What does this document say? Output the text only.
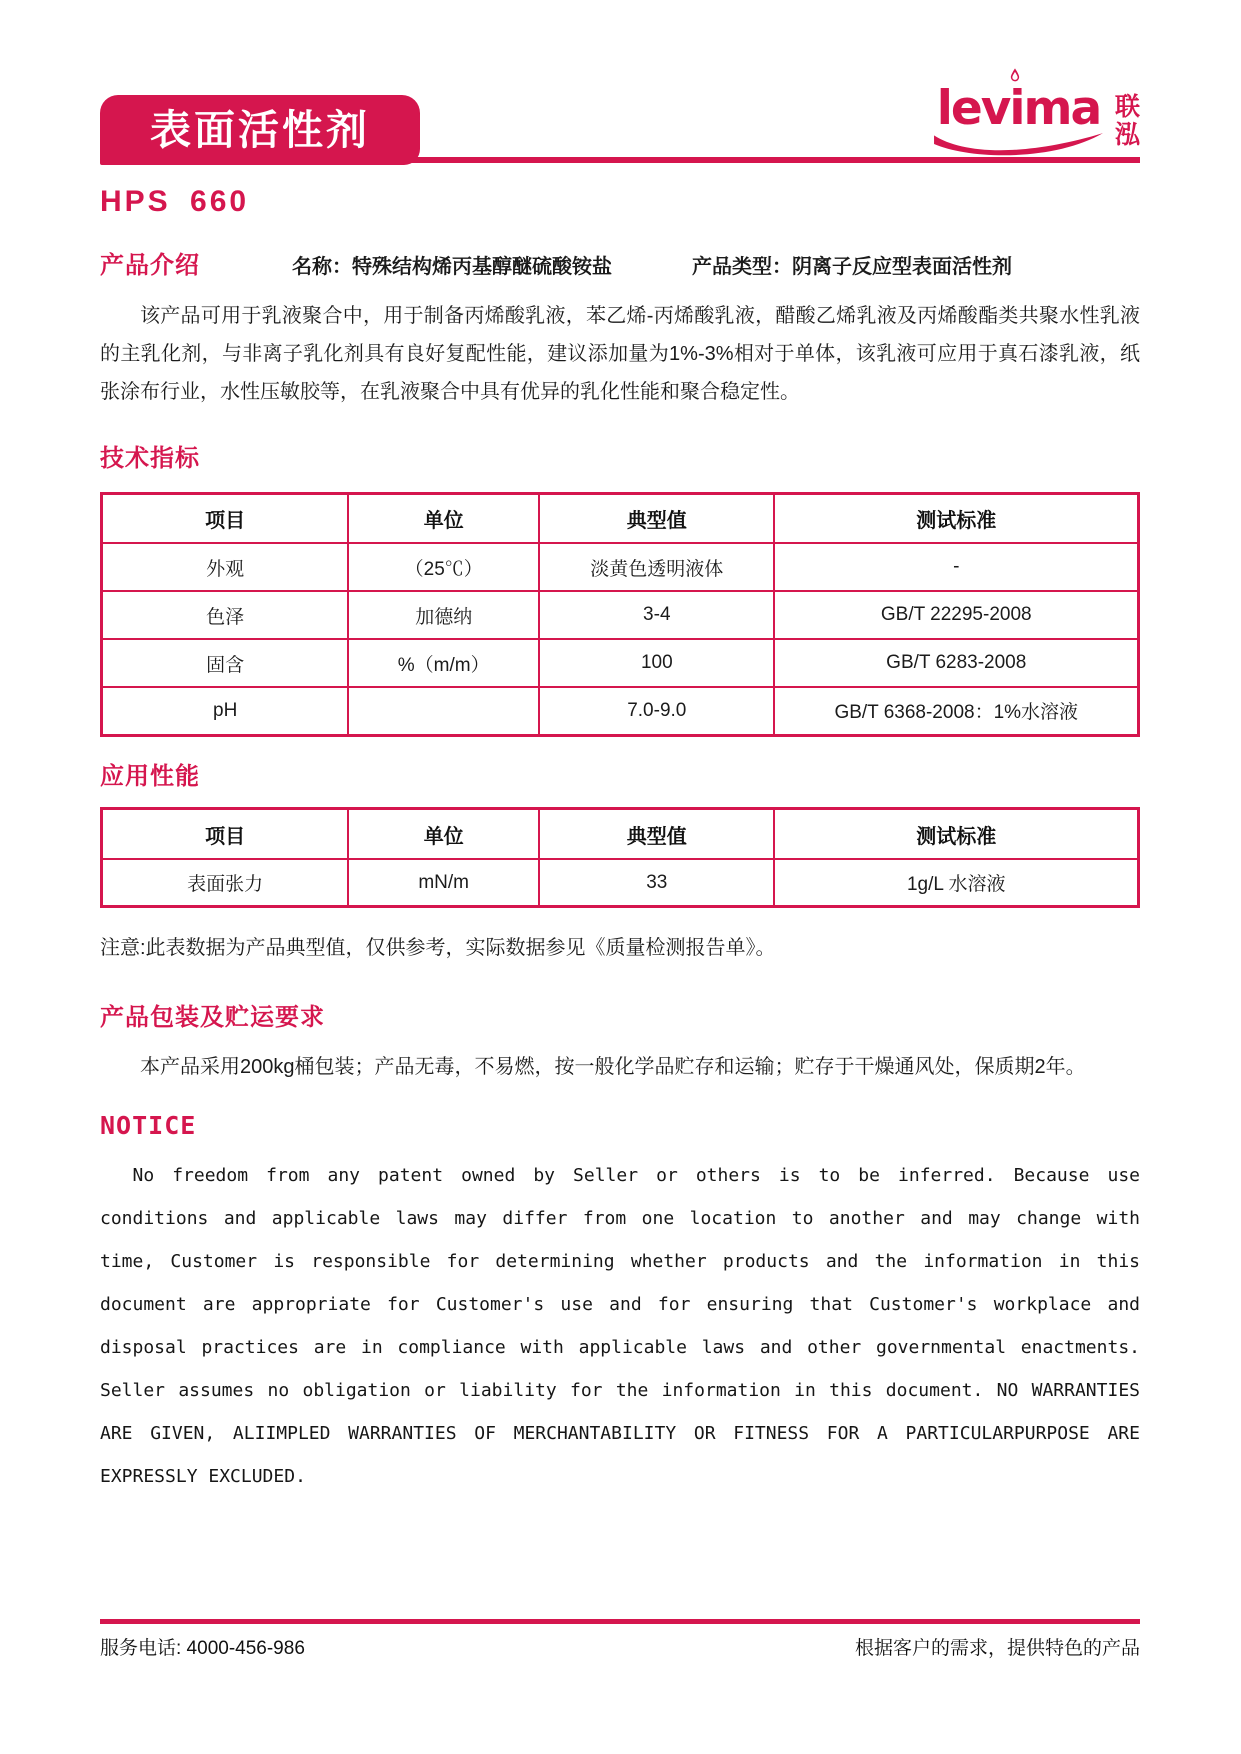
表面活性剂	levi
ma 联
泓
HPS 660
产品介绍	名称：特殊结构烯丙基醇醚硫酸铵盐	产品类型：阴离子反应型表面活性剂

该产品可用于乳液聚合中，用于制备丙烯酸乳液，苯乙烯-丙烯酸乳液，醋酸乙烯乳液及丙烯酸酯类共聚水性乳液的主乳化剂，与非离子乳化剂具有良好复配性能，建议添加量为1%-3%相对于单体，该乳液可应用于真石漆乳液，纸张涂布行业，水性压敏胶等，在乳液聚合中具有优异的乳化性能和聚合稳定性。

技术指标
项目	单位	典型值	测试标准
外观	（25℃）	淡黄色透明液体	-
色泽	加德纳	3-4	GB/T 22295-2008
固含	%（m/m）	100	GB/T 6283-2008
pH		7.0-9.0	GB/T 6368-2008：1%水溶液
应用性能
项目	单位	典型值	测试标准
表面张力	mN/m	33	1g/L 水溶液
注意:此表数据为产品典型值，仅供参考，实际数据参见《质量检测报告单》。
产品包装及贮运要求

本产品采用200kg桶包装；产品无毒，不易燃，按一般化学品贮存和运输；贮存于干燥通风处，保质期2年。

NOTICE

No freedom from any patent owned by Seller or others is to be inferred. Because use conditions and applicable laws may differ from one location to another and may change with time, Customer is responsible for determining whether products and the information in this document are appropriate for Customer's use and for ensuring that Customer's workplace and disposal practices are in compliance with applicable laws and other governmental enactments. Seller assumes no obligation or liability for the information in this document. NO WARRANTIES ARE GIVEN, ALIIMPLED WARRANTIES OF MERCHANTABILITY OR FITNESS FOR A PARTICULARPURPOSE ARE EXPRESSLY EXCLUDED.

服务电话: 4000-456-986	根据客户的需求，提供特色的产品
